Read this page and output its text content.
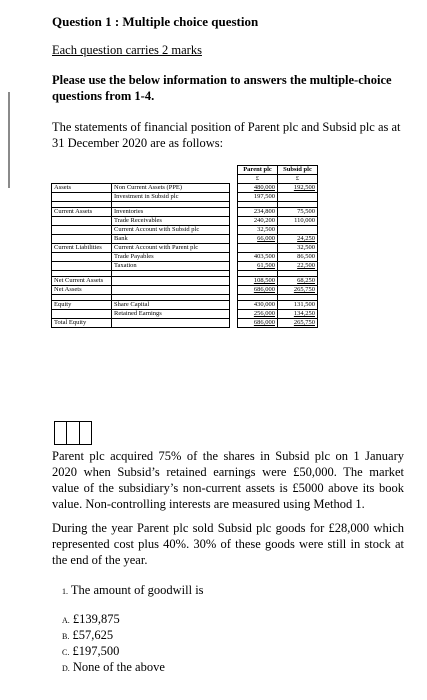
Question 1 : Multiple choice question
Each question carries 2 marks
Please use the below information to answers the multiple-choice questions from 1-4.
The statements of financial position of Parent plc and Subsid plc as at 31 December 2020 are as follows:
			Parent plc	Subsid plc
			£	£
Assets	Non Current Assets (PPE)		480,000	192,500
	Investment in Subsid plc		197,500	

Current Assets	Inventories		234,800	75,500
	Trade Receivables		240,200	110,000
	Current Account with Subsid plc		32,500	
	Bank		66,000	24,250
Current Liabilities	Current Account with Parent plc			32,500
	Trade Payables		403,500	86,500
	Taxation		61,500	22,500

Net Current Assets			108,500	68,250
Net Assets			686,000	265,750

Equity	Share Capital		430,000	131,500
	Retained Earnings		256,000	134,250
Total Equity			686,000	265,750
Parent plc acquired 75% of the shares in Subsid plc on 1 January 2020 when Subsid’s retained earnings were £50,000. The market value of the subsidiary’s non-current assets is £5000 above its book value. Non-controlling interests are measured using Method 1.
During the year Parent plc sold Subsid plc goods for £28,000 which represented cost plus 40%. 30% of these goods were still in stock at the end of the year.
1. The amount of goodwill is
A. £139,875
B. £57,625
C. £197,500
D. None of the above
